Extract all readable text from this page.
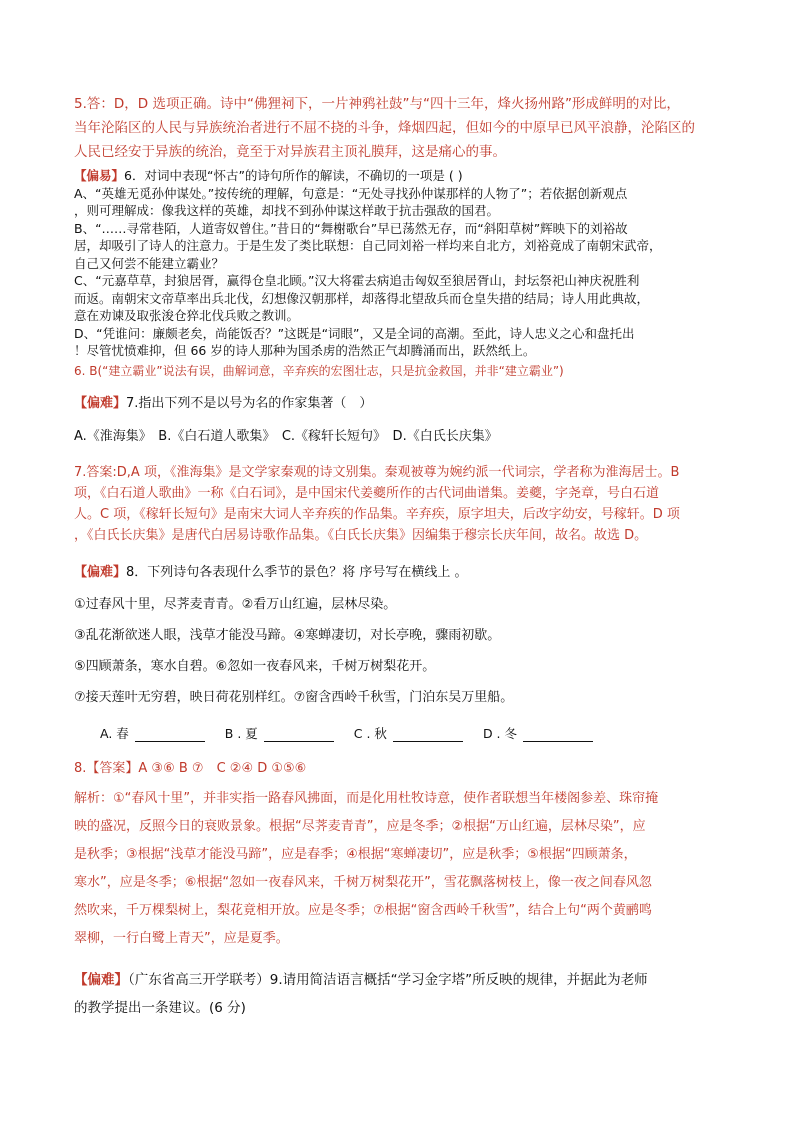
5.答：D，D 选项正确。诗中“佛狸祠下，一片神鸦社鼓”与“四十三年，烽火扬州路”形成鲜明的对比，
当年沦陷区的人民与异族统治者进行不屈不挠的斗争，烽烟四起，但如今的中原早已风平浪静，沦陷区的
人民已经安于异族的统治，竟至于对异族君主顶礼膜拜，这是痛心的事。
【偏易】6．对词中表现“怀古”的诗句所作的解读，不确切的一项是 ( )
A、“英雄无觅孙仲谋处。”按传统的理解，句意是：“无处寻找孙仲谋那样的人物了”；若依据创新观点
，则可理解成：像我这样的英雄，却找不到孙仲谋这样敢于抗击强敌的国君。
B、“……寻常巷陌，人道寄奴曾住。”昔日的“舞榭歌台”早已荡然无存，而“斜阳草树”辉映下的刘裕故
居，却吸引了诗人的注意力。于是生发了类比联想：自己同刘裕一样均来自北方，刘裕竟成了南朝宋武帝，
自己又何尝不能建立霸业？
C、“元嘉草草，封狼居胥，赢得仓皇北顾。”汉大将霍去病追击匈奴至狼居胥山，封坛祭祀山神庆祝胜利
而返。南朝宋文帝草率出兵北伐，幻想像汉朝那样，却落得北望敌兵而仓皇失措的结局；诗人用此典故，
意在劝谏及取张浚仓猝北伐兵败之教训。
D、“凭谁问：廉颇老矣，尚能饭否？”这既是“词眼”，又是全词的高潮。至此，诗人忠义之心和盘托出
！尽管忧愤难抑，但 66 岁的诗人那种为国杀虏的浩然正气却腾涌而出，跃然纸上。
6. B(“建立霸业”说法有误，曲解词意，辛弃疾的宏图壮志，只是抗金救国，并非“建立霸业”)
【偏难】7.指出下列不是以号为名的作家集著（　）
A.《淮海集》　B.《白石道人歌集》　C.《稼轩长短句》　D.《白氏长庆集》
7.答案:D,A 项，《淮海集》是文学家秦观的诗文别集。秦观被尊为婉约派一代词宗，学者称为淮海居士。B
项，《白石道人歌曲》一称《白石词》，是中国宋代姜夔所作的古代词曲谱集。姜夔，字尧章，号白石道
人。C 项，《稼轩长短句》是南宋大词人辛弃疾的作品集。辛弃疾，原字坦夫，后改字幼安，号稼轩。D 项
，《白氏长庆集》是唐代白居易诗歌作品集。《白氏长庆集》因编集于穆宗长庆年间，故名。故选 D。
【偏难】8．下列诗句各表现什么季节的景色？将 序号写在横线上 。
①过春风十里，尽荠麦青青。②看万山红遍，层林尽染。
③乱花渐欲迷人眼，浅草才能没马蹄。④寒蝉凄切，对长亭晚，骤雨初歇。
⑤四顾萧条，寒水自碧。⑥忽如一夜春风来，千树万树梨花开。
⑦接天莲叶无穷碧，映日荷花别样红。⑦窗含西岭千秋雪，门泊东吴万里船。
A. 春	B . 夏	C . 秋	D . 冬
8.【答案】A ③⑥ B ⑦　C ②④ D ①⑤⑥
解析：①“春风十里”，并非实指一路春风拂面，而是化用杜牧诗意，使作者联想当年楼阁参差、珠帘掩
映的盛况，反照今日的衰败景象。根据“尽荠麦青青”，应是冬季；②根据“万山红遍，层林尽染”，应
是秋季；③根据“浅草才能没马蹄”，应是春季；④根据“寒蝉凄切”，应是秋季；⑤根据“四顾萧条，
寒水”，应是冬季；⑥根据“忽如一夜春风来，千树万树梨花开”，雪花飘落树枝上，像一夜之间春风忽
然吹来，千万棵梨树上，梨花竟相开放。应是冬季；⑦根据“窗含西岭千秋雪”，结合上句“两个黄鹂鸣
翠柳，一行白鹭上青天”，应是夏季。
【偏难】（广东省高三开学联考）9.请用简洁语言概括“学习金字塔”所反映的规律，并据此为老师
的教学提出一条建议。(6 分)
